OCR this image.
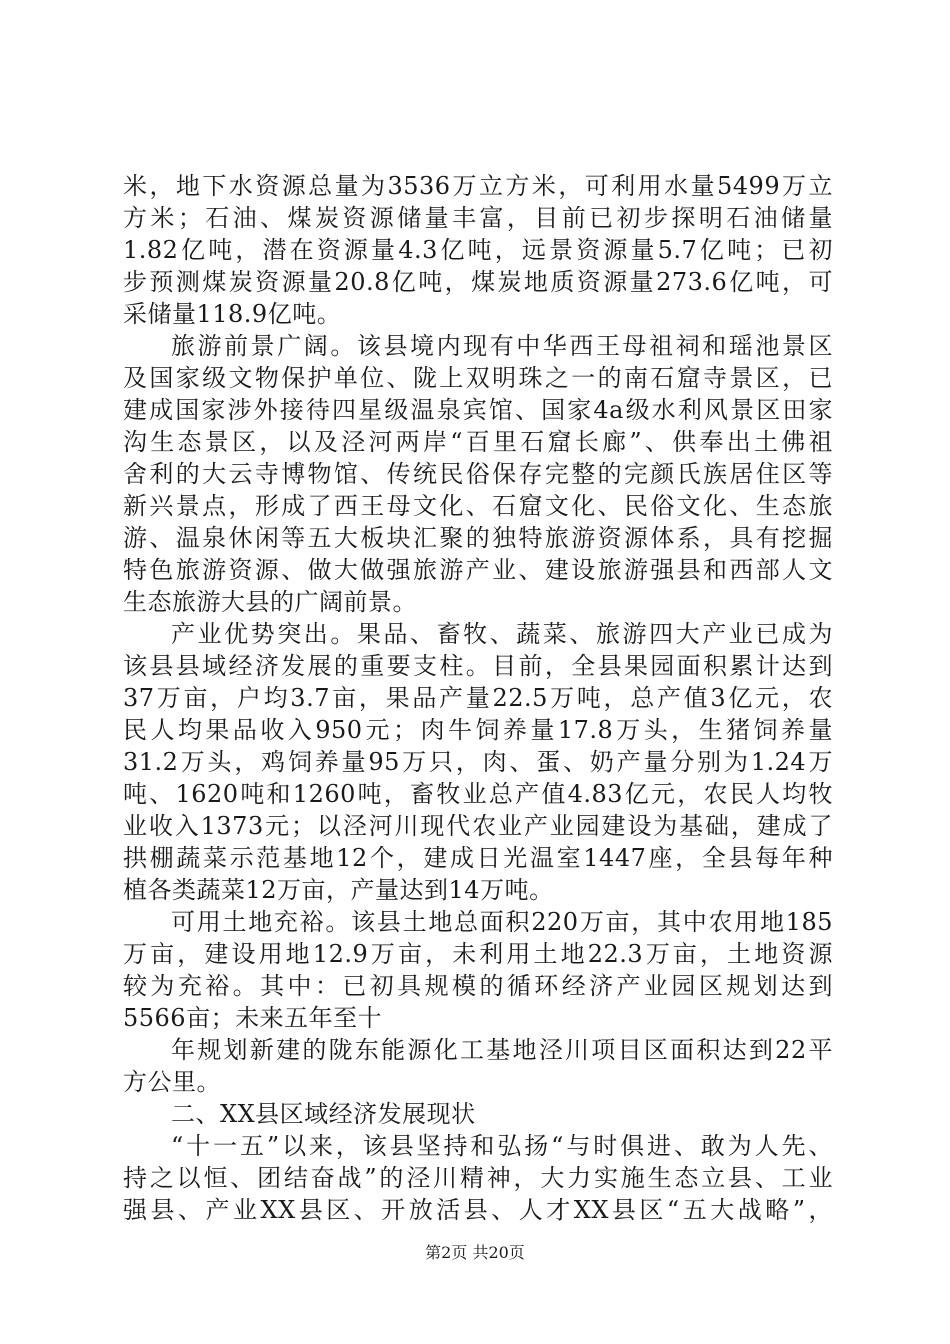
米，地下水资源总量为3536万立方米，可利用水量5499万立
方米；石油、煤炭资源储量丰富，目前已初步探明石油储量
1.82亿吨，潜在资源量4.3亿吨，远景资源量5.7亿吨；已初
步预测煤炭资源量20.8亿吨，煤炭地质资源量273.6亿吨，可
采储量118.9亿吨。
旅游前景广阔。该县境内现有中华西王母祖祠和瑶池景区
及国家级文物保护单位、陇上双明珠之一的南石窟寺景区，已
建成国家涉外接待四星级温泉宾馆、国家4a级水利风景区田家
沟生态景区，以及泾河两岸“百里石窟长廊”、供奉出土佛祖
舍利的大云寺博物馆、传统民俗保存完整的完颜氏族居住区等
新兴景点，形成了西王母文化、石窟文化、民俗文化、生态旅
游、温泉休闲等五大板块汇聚的独特旅游资源体系，具有挖掘
特色旅游资源、做大做强旅游产业、建设旅游强县和西部人文
生态旅游大县的广阔前景。
产业优势突出。果品、畜牧、蔬菜、旅游四大产业已成为
该县县域经济发展的重要支柱。目前，全县果园面积累计达到
37万亩，户均3.7亩，果品产量22.5万吨，总产值3亿元，农
民人均果品收入950元；肉牛饲养量17.8万头，生猪饲养量
31.2万头，鸡饲养量95万只，肉、蛋、奶产量分别为1.24万
吨、1620吨和1260吨，畜牧业总产值4.83亿元，农民人均牧
业收入1373元；以泾河川现代农业产业园建设为基础，建成了
拱棚蔬菜示范基地12个，建成日光温室1447座，全县每年种
植各类蔬菜12万亩，产量达到14万吨。
可用土地充裕。该县土地总面积220万亩，其中农用地185
万亩，建设用地12.9万亩，未利用土地22.3万亩，土地资源
较为充裕。其中：已初具规模的循环经济产业园区规划达到
5566亩；未来五年至十
年规划新建的陇东能源化工基地泾川项目区面积达到22平
方公里。
二、XX县区域经济发展现状
“十一五”以来，该县坚持和弘扬“与时俱进、敢为人先、
持之以恒、团结奋战”的泾川精神，大力实施生态立县、工业
强县、产业XX县区、开放活县、人才XX县区“五大战略”，
第2页 共20页
